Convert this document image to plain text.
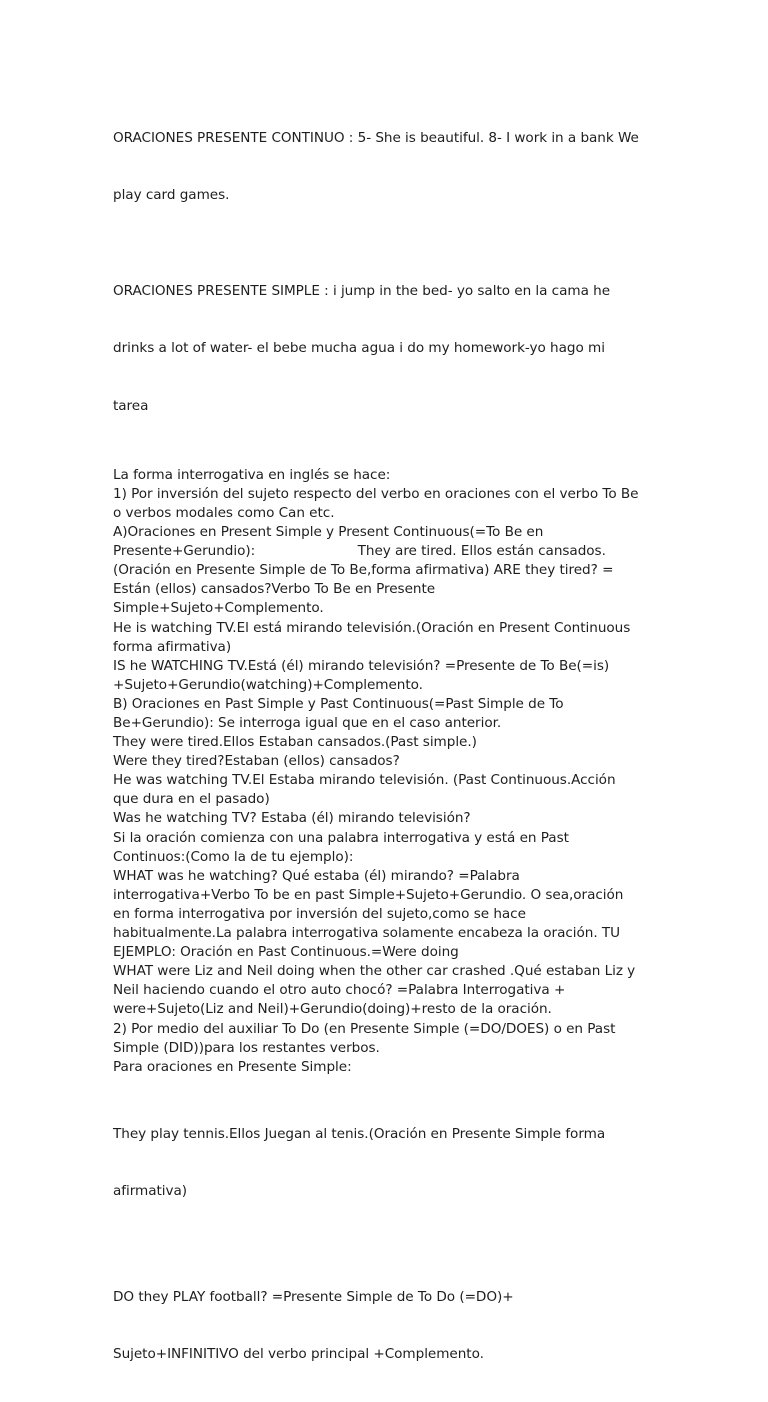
ORACIONES PRESENTE CONTINUO : 5- She is beautiful. 8- I work in a bank We

play card games.

ORACIONES PRESENTE SIMPLE : i jump in the bed- yo salto en la cama he

drinks a lot of water- el bebe mucha agua i do my homework-yo hago mi

tarea

La forma interrogativa en inglés se hace:
1) Por inversión del sujeto respecto del verbo en oraciones con el verbo To Be
o verbos modales como Can etc.
A)Oraciones en Present Simple y Present Continuous(=To Be en
Presente+Gerundio):                        They are tired. Ellos están cansados.
(Oración en Presente Simple de To Be,forma afirmativa) ARE they tired? =
Están (ellos) cansados?Verbo To Be en Presente
Simple+Sujeto+Complemento.
He is watching TV.El está mirando televisión.(Oración en Present Continuous
forma afirmativa)
IS he WATCHING TV.Está (él) mirando televisión? =Presente de To Be(=is)
+Sujeto+Gerundio(watching)+Complemento.
B) Oraciones en Past Simple y Past Continuous(=Past Simple de To
Be+Gerundio): Se interroga igual que en el caso anterior.
They were tired.Ellos Estaban cansados.(Past simple.)
Were they tired?Estaban (ellos) cansados?
He was watching TV.El Estaba mirando televisión. (Past Continuous.Acción
que dura en el pasado)
Was he watching TV? Estaba (él) mirando televisión?
Si la oración comienza con una palabra interrogativa y está en Past
Continuos:(Como la de tu ejemplo):
WHAT was he watching? Qué estaba (él) mirando? =Palabra
interrogativa+Verbo To be en past Simple+Sujeto+Gerundio. O sea,oración
en forma interrogativa por inversión del sujeto,como se hace
habitualmente.La palabra interrogativa solamente encabeza la oración. TU
EJEMPLO: Oración en Past Continuous.=Were doing
WHAT were Liz and Neil doing when the other car crashed .Qué estaban Liz y
Neil haciendo cuando el otro auto chocó? =Palabra Interrogativa +
were+Sujeto(Liz and Neil)+Gerundio(doing)+resto de la oración.
2) Por medio del auxiliar To Do (en Presente Simple (=DO/DOES) o en Past
Simple (DID))para los restantes verbos.
Para oraciones en Presente Simple:

They play tennis.Ellos Juegan al tenis.(Oración en Presente Simple forma

afirmativa)

DO they PLAY football? =Presente Simple de To Do (=DO)+

Sujeto+INFINITIVO del verbo principal +Complemento.
